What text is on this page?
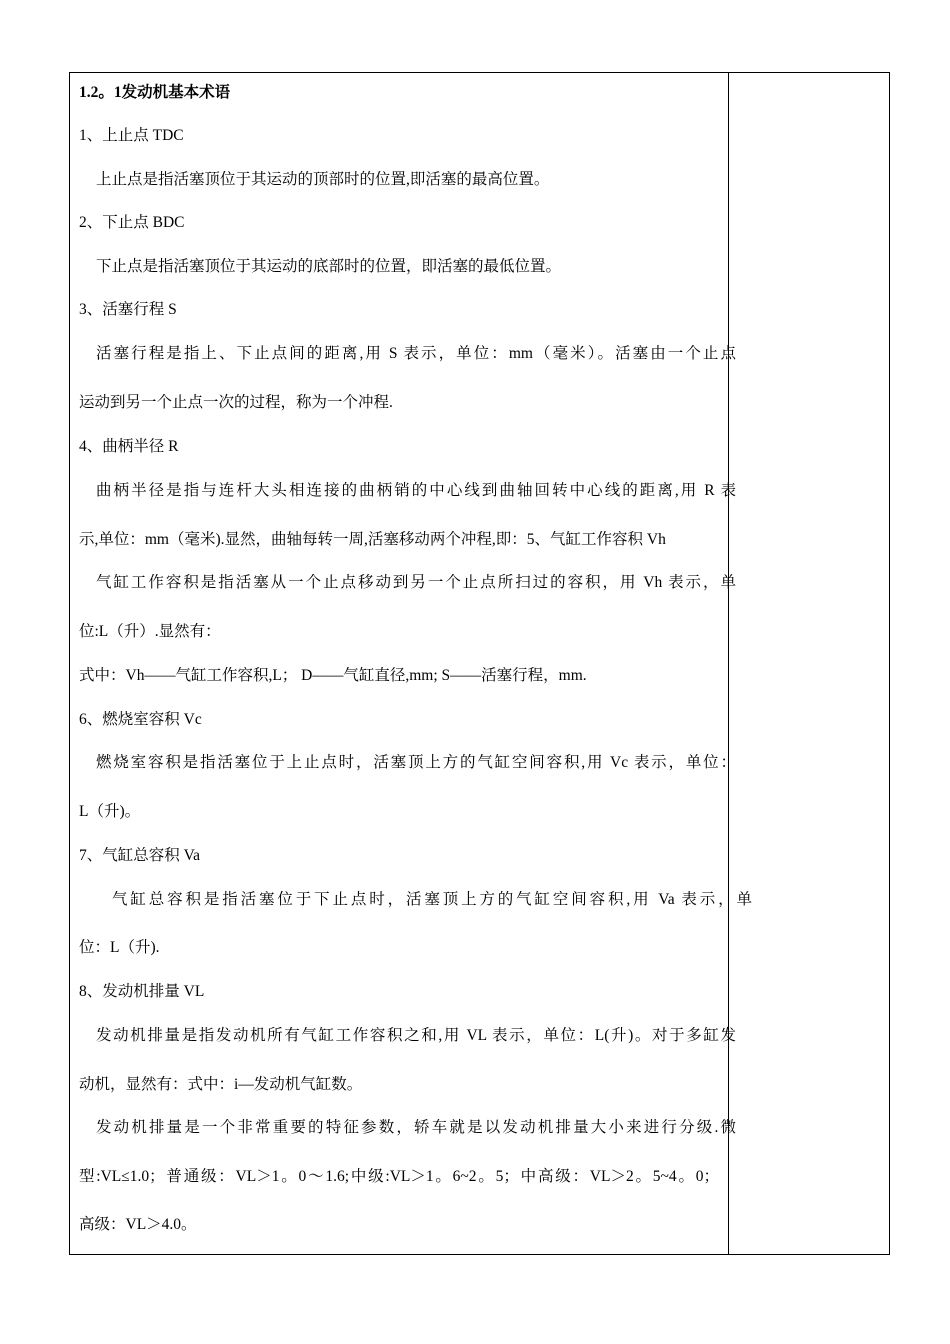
1.2。1发动机基本术语
1、上止点 TDC
上止点是指活塞顶位于其运动的顶部时的位置,即活塞的最高位置。
2、下止点 BDC
下止点是指活塞顶位于其运动的底部时的位置，即活塞的最低位置。
3、活塞行程 S
活塞行程是指上、下止点间的距离,用 S 表示，单位：mm（毫米）。活塞由一个止点
运动到另一个止点一次的过程，称为一个冲程.
4、曲柄半径 R
曲柄半径是指与连杆大头相连接的曲柄销的中心线到曲轴回转中心线的距离,用 R 表
示,单位：mm（毫米).显然，曲轴每转一周,活塞移动两个冲程,即：5、气缸工作容积 Vh
气缸工作容积是指活塞从一个止点移动到另一个止点所扫过的容积，用 Vh 表示，单
位:L（升）.显然有：
式中：Vh——气缸工作容积,L； D——气缸直径,mm; S——活塞行程，mm.
6、燃烧室容积 Vc
燃烧室容积是指活塞位于上止点时，活塞顶上方的气缸空间容积,用 Vc 表示，单位：
L（升)。
7、气缸总容积 Va
气缸总容积是指活塞位于下止点时，活塞顶上方的气缸空间容积,用 Va 表示，单
位：L（升).
8、发动机排量 VL
发动机排量是指发动机所有气缸工作容积之和,用 VL 表示，单位：L(升)。对于多缸发
动机，显然有：式中：i—发动机气缸数。
发动机排量是一个非常重要的特征参数，轿车就是以发动机排量大小来进行分级.微
型:VL≤1.0；普通级：VL＞1。0～1.6;中级:VL＞1。6~2。5；中高级：VL＞2。5~4。0；
高级：VL＞4.0。
